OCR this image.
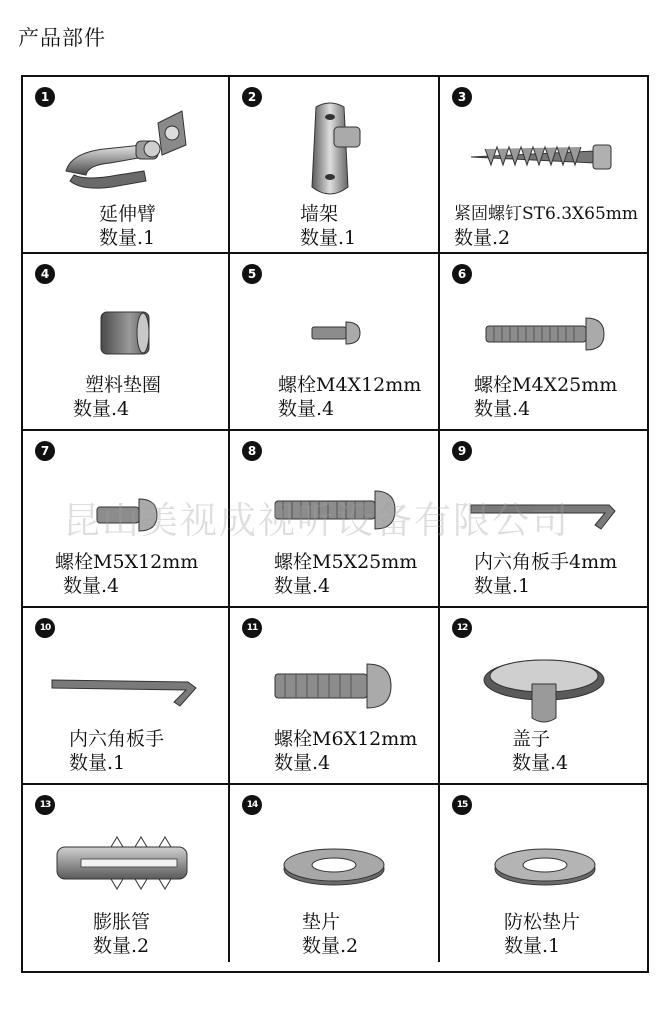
产品部件
1
延伸臂
数量.1
2
墙架
数量.1
3
紧固螺钉ST6.3X65mm
数量.2
4
塑料垫圈
数量.4
5
螺栓M4X12mm
数量.4
6
螺栓M4X25mm
数量.4
7
螺栓M5X12mm
数量.4
8
螺栓M5X25mm
数量.4
9
内六角板手4mm
数量.1
10
内六角板手
数量.1
11
螺栓M6X12mm
数量.4
12
盖子
数量.4
13
膨胀管
数量.2
14
垫片
数量.2
15
防松垫片
数量.1
昆山美视成视听设备有限公司
